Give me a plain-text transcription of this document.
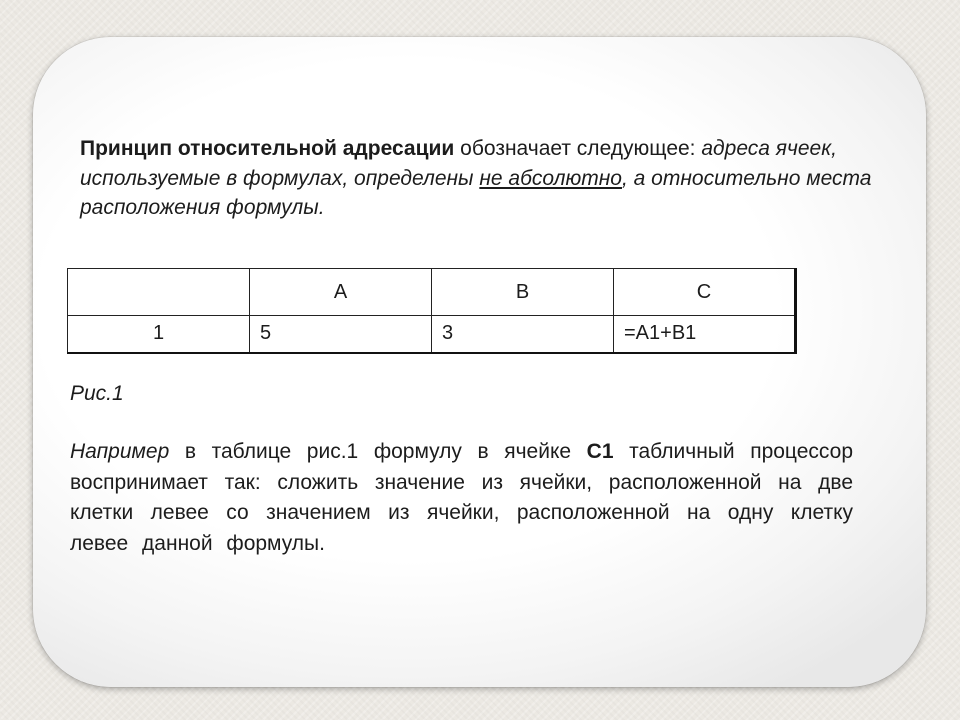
Принцип относительной адресации обозначает следующее: адреса ячеек, используемые в формулах, определены не абсолютно, а относительно места расположения формулы.

	A	B	C
1	5	3	=A1+B1

Рис.1

Например в таблице рис.1 формулу в ячейке С1 табличный процессор воспринимает так: сложить значение из ячейки, расположенной на две клетки левее со значением из ячейки, расположенной на одну клетку левее данной формулы.
